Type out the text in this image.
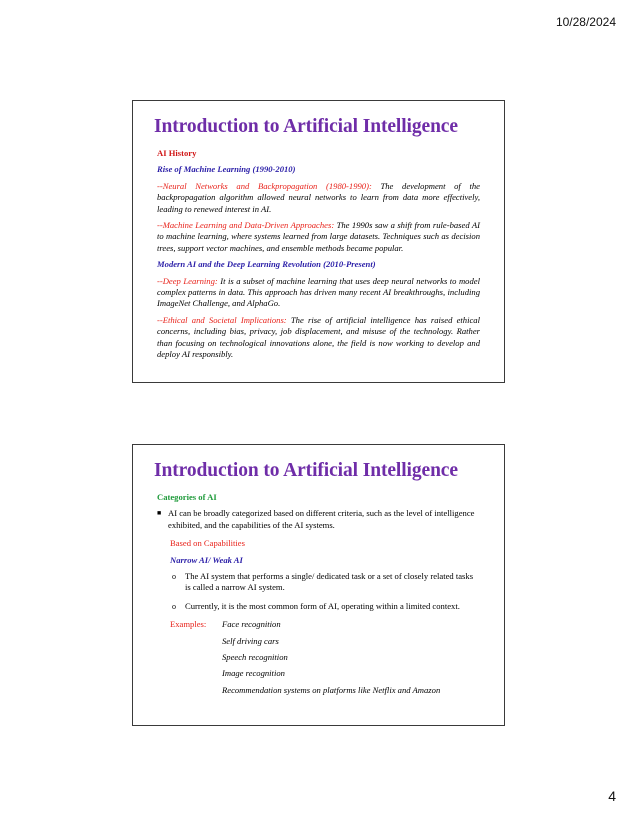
10/28/2024
Introduction to Artificial Intelligence
AI History
Rise of Machine Learning (1990-2010)
--Neural Networks and Backpropagation (1980-1990): The development of the backpropagation algorithm allowed neural networks to learn from data more effectively, leading to renewed interest in AI.
--Machine Learning and Data-Driven Approaches: The 1990s saw a shift from rule-based AI to machine learning, where systems learned from large datasets. Techniques such as decision trees, support vector machines, and ensemble methods became popular.
Modern AI and the Deep Learning Revolution (2010-Present)
--Deep Learning: It is a subset of machine learning that uses deep neural networks to model complex patterns in data. This approach has driven many recent AI breakthroughs, including ImageNet Challenge, and AlphaGo.
--Ethical and Societal Implications: The rise of artificial intelligence has raised ethical concerns, including bias, privacy, job displacement, and misuse of the technology. Rather than focusing on technological innovations alone, the field is now working to develop and deploy AI responsibly.
Introduction to Artificial Intelligence
Categories of AI
■ AI can be broadly categorized based on different criteria, such as the level of intelligence exhibited, and the capabilities of the AI systems.
Based on Capabilities
Narrow AI/ Weak AI
o	The AI system that performs a single/ dedicated task or a set of closely related tasks is called a narrow AI system.
o	Currently, it is the most common form of AI, operating within a limited context.
Examples:	Face recognition
Self driving cars
Speech recognition
Image recognition
Recommendation systems on platforms like Netflix and Amazon
4
